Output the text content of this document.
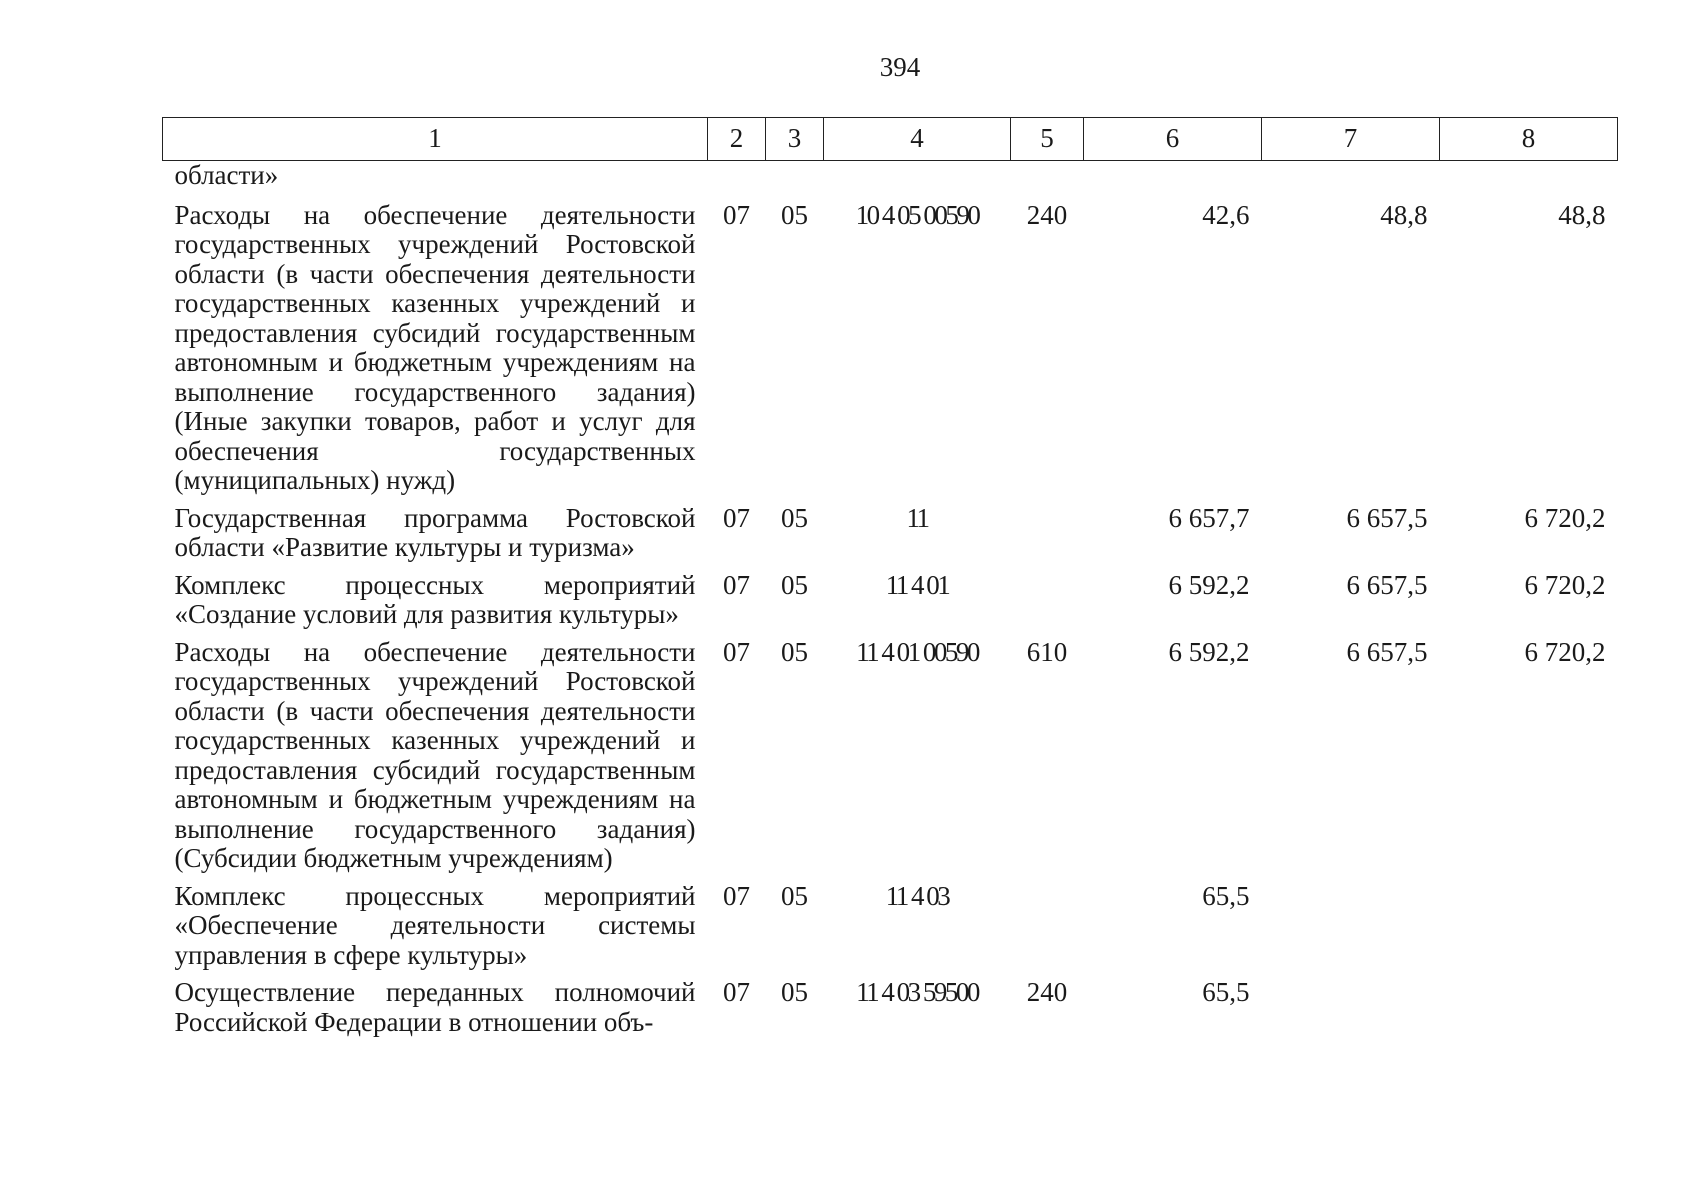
394
1	2	3	4	5	6	7	8
области»							
Расходы на обеспечение деятельности государственных учреждений Ростовской области (в части обеспечения деятельности государственных казенных учреждений и предоставления субсидий государственным автономным и бюджетным учреждениям на выполнение государственного задания) (Иные закупки товаров, работ и услуг для обеспечения государственных (муниципальных) нужд)	07	05	10 4 05 00590	240	42,6	48,8	48,8
Государственная программа Ростовской области «Развитие культуры и туризма»	07	05	11		6 657,7	6 657,5	6 720,2
Комплекс процессных мероприятий «Создание условий для развития культуры»	07	05	11 4 01		6 592,2	6 657,5	6 720,2
Расходы на обеспечение деятельности государственных учреждений Ростовской области (в части обеспечения деятельности государственных казенных учреждений и предоставления субсидий государственным автономным и бюджетным учреждениям на выполнение государственного задания) (Субсидии бюджетным учреждениям)	07	05	11 4 01 00590	610	6 592,2	6 657,5	6 720,2
Комплекс процессных мероприятий «Обеспечение деятельности системы управления в сфере культуры»	07	05	11 4 03		65,5		
Осуществление переданных полномочий Российской Федерации в отношении объ-	07	05	11 4 03 59500	240	65,5		
